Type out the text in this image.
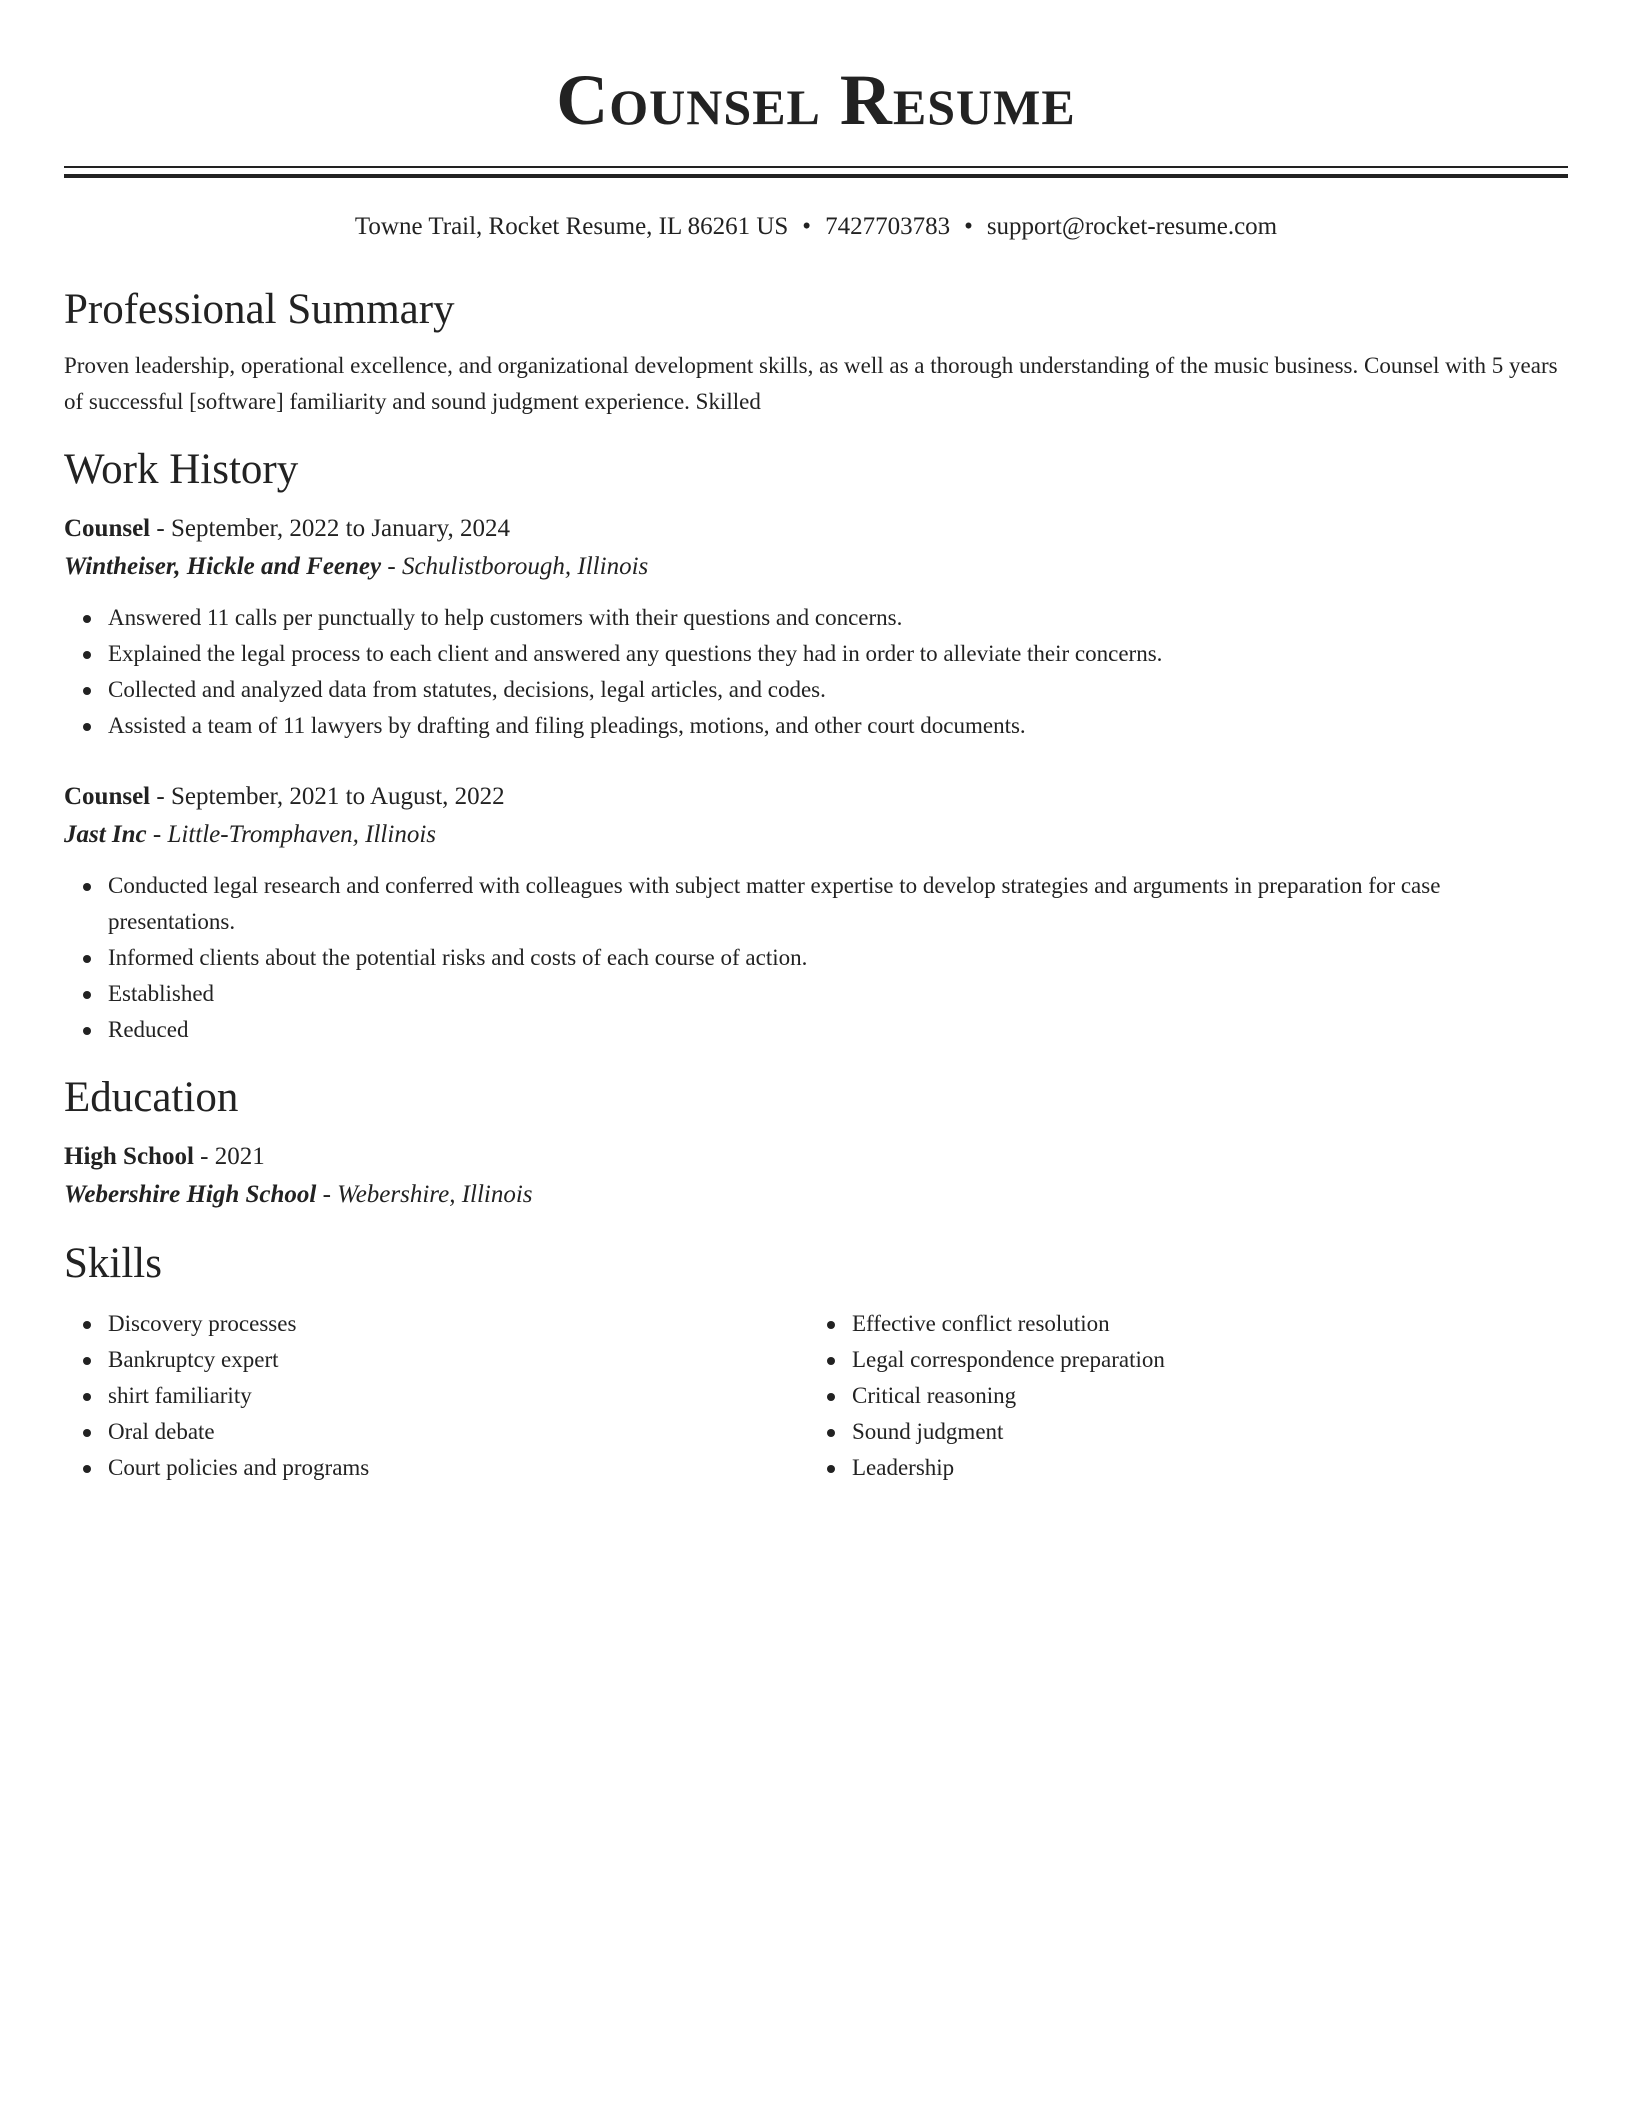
Counsel Resume
Towne Trail, Rocket Resume, IL 86261 US • 7427703783 • support@rocket-resume.com
Professional Summary
Proven leadership, operational excellence, and organizational development skills, as well as a thorough understanding of the music business. Counsel with 5 years of successful [software] familiarity and sound judgment experience. Skilled
Work History
Counsel - September, 2022 to January, 2024
Wintheiser, Hickle and Feeney - Schulistborough, Illinois
Answered 11 calls per punctually to help customers with their questions and concerns.
Explained the legal process to each client and answered any questions they had in order to alleviate their concerns.
Collected and analyzed data from statutes, decisions, legal articles, and codes.
Assisted a team of 11 lawyers by drafting and filing pleadings, motions, and other court documents.
Counsel - September, 2021 to August, 2022
Jast Inc - Little-Tromphaven, Illinois
Conducted legal research and conferred with colleagues with subject matter expertise to develop strategies and arguments in preparation for case presentations.
Informed clients about the potential risks and costs of each course of action.
Established
Reduced
Education
High School - 2021
Webershire High School - Webershire, Illinois
Skills
Discovery processes
Bankruptcy expert
shirt familiarity
Oral debate
Court policies and programs
Effective conflict resolution
Legal correspondence preparation
Critical reasoning
Sound judgment
Leadership
